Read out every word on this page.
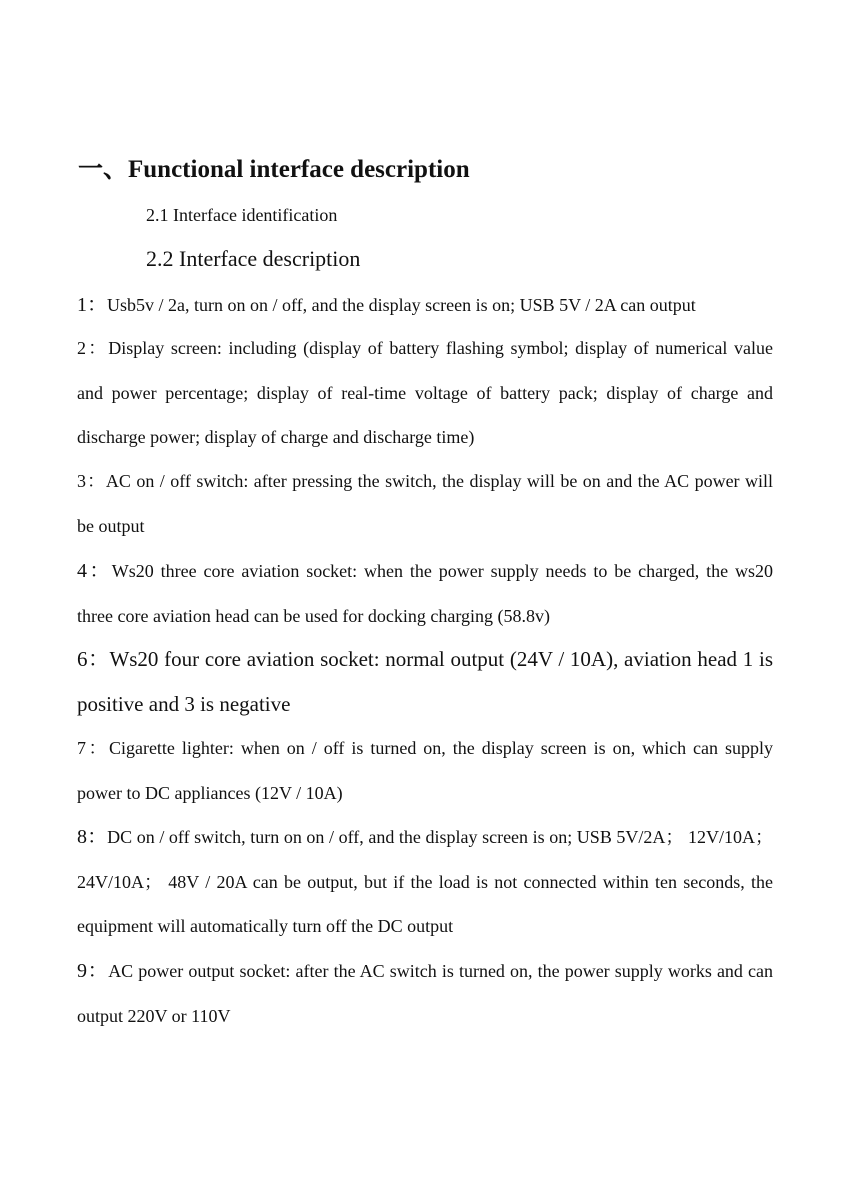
一、Functional interface description
2.1 Interface identification
2.2 Interface description
1：Usb5v / 2a, turn on on / off, and the display screen is on; USB 5V / 2A can output
2：Display screen: including (display of battery flashing symbol; display of numerical value and power percentage; display of real-time voltage of battery pack; display of charge and discharge power; display of charge and discharge time)
3：AC on / off switch: after pressing the switch, the display will be on and the AC power will be output
4：Ws20 three core aviation socket: when the power supply needs to be charged, the ws20 three core aviation head can be used for docking charging (58.8v)
6：Ws20 four core aviation socket: normal output (24V / 10A), aviation head 1 is positive and 3 is negative
7：Cigarette lighter: when on / off is turned on, the display screen is on, which can supply power to DC appliances (12V / 10A)
8：DC on / off switch, turn on on / off, and the display screen is on; USB 5V/2A； 12V/10A； 24V/10A； 48V / 20A can be output, but if the load is not connected within ten seconds, the equipment will automatically turn off the DC output
9：AC power output socket: after the AC switch is turned on, the power supply works and can output 220V or 110V
